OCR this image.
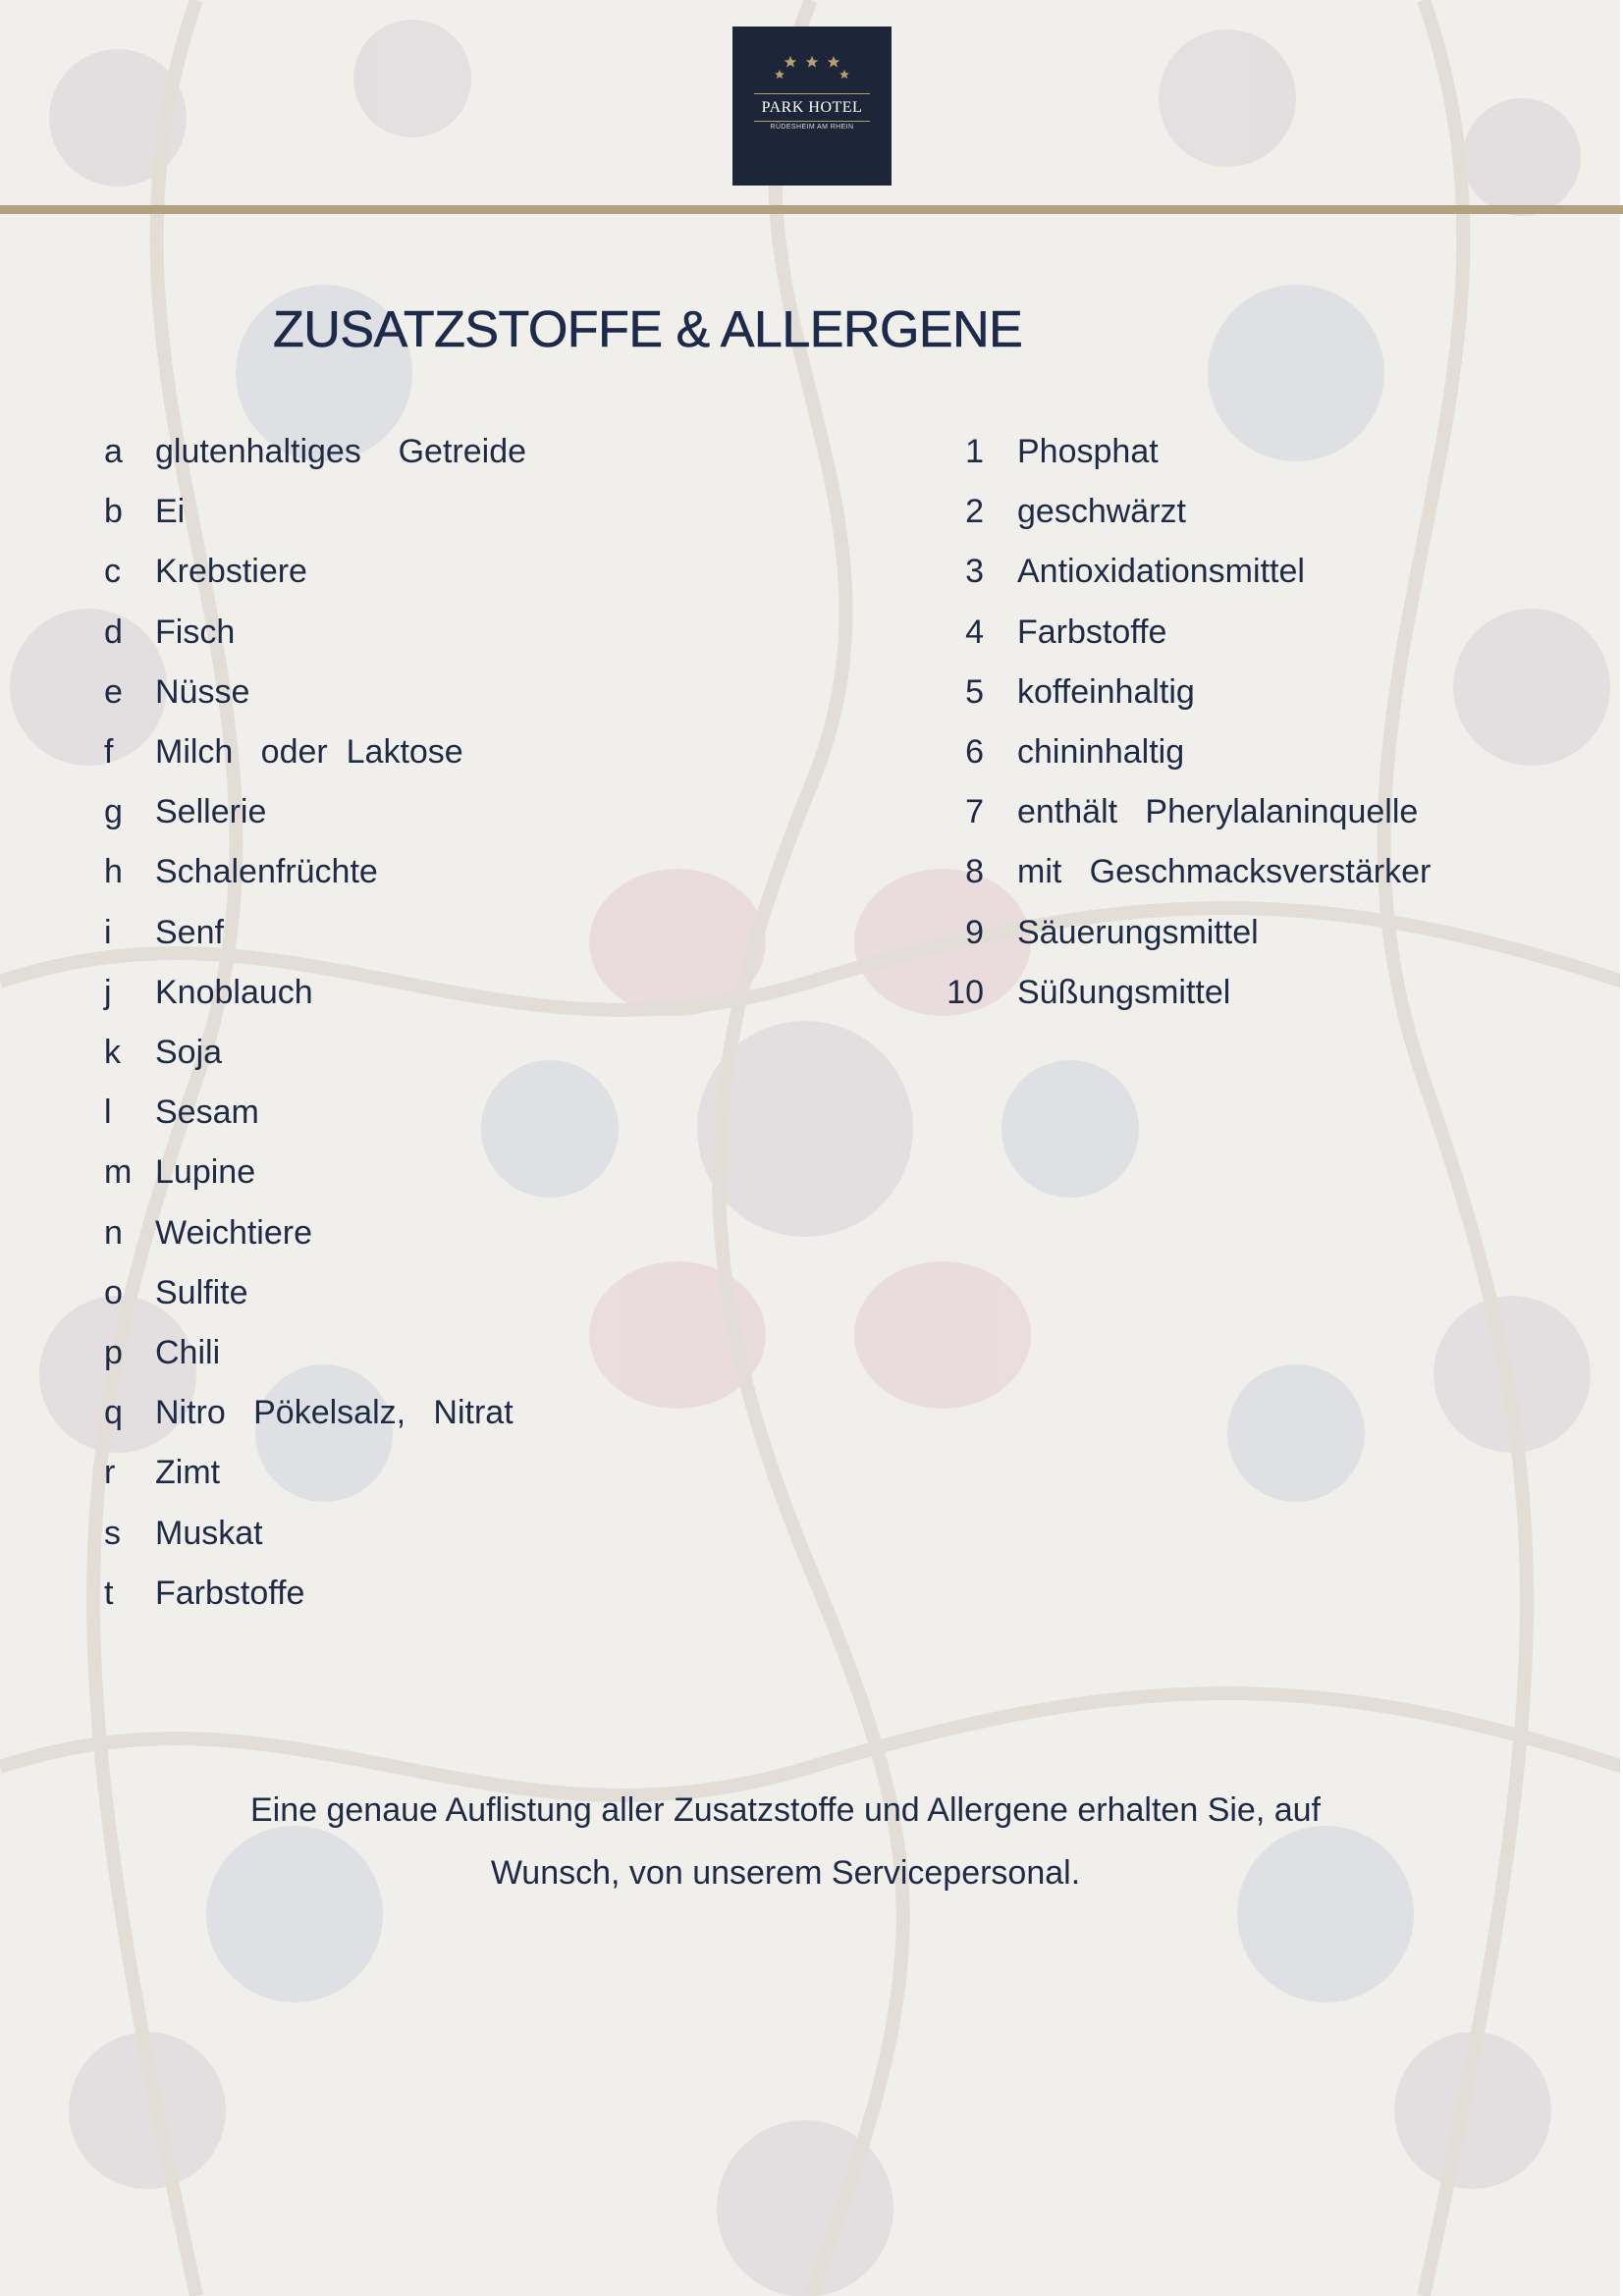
PARK HOTEL
RÜDESHEIM AM RHEIN
ZUSATZSTOFFE & ALLERGENE
a glutenhaltiges    Getreide
b Ei
c Krebstiere
d Fisch
e Nüsse
f Milch   oder  Laktose
g Sellerie
h Schalenfrüchte
i Senf
j Knoblauch
k Soja
l Sesam
m Lupine
n Weichtiere
o Sulfite
p Chili
q Nitro   Pökelsalz,   Nitrat
r Zimt
s Muskat
t Farbstoffe
1 Phosphat
2 geschwärzt
3 Antioxidationsmittel
4 Farbstoffe
5 koffeinhaltig
6 chininhaltig
7 enthält   Pherylalaninquelle
8 mit   Geschmacksverstärker
9 Säuerungsmittel
10 Süßungsmittel

Eine genaue Auflistung aller Zusatzstoffe und Allergene erhalten Sie, auf
Wunsch, von unserem Servicepersonal.
